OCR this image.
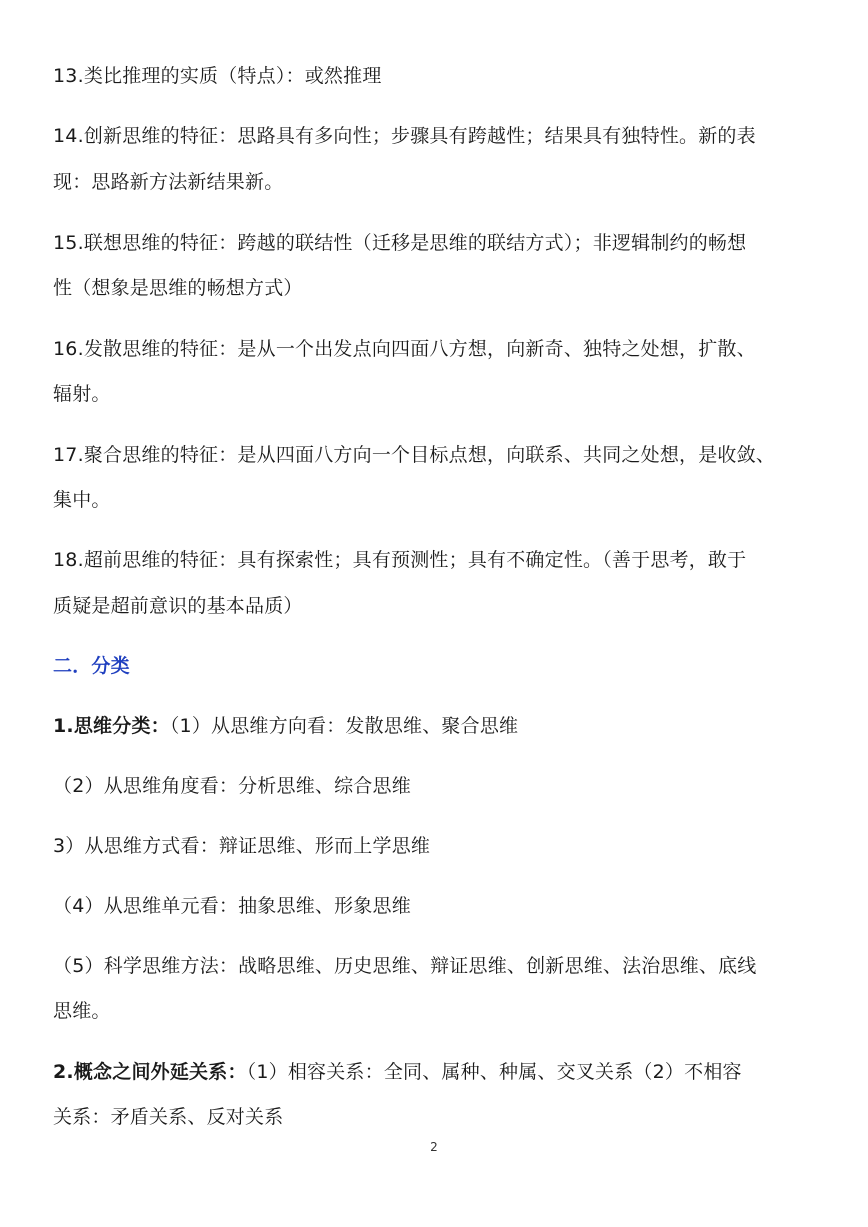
13.类比推理的实质（特点）：或然推理
14.创新思维的特征：思路具有多向性；步骤具有跨越性；结果具有独特性。新的表
现：思路新方法新结果新。
15.联想思维的特征：跨越的联结性（迁移是思维的联结方式）；非逻辑制约的畅想
性（想象是思维的畅想方式）
16.发散思维的特征：是从一个出发点向四面八方想，向新奇、独特之处想，扩散、
辐射。
17.聚合思维的特征：是从四面八方向一个目标点想，向联系、共同之处想，是收敛、
集中。
18.超前思维的特征：具有探索性；具有预测性；具有不确定性。（善于思考，敢于
质疑是超前意识的基本品质）
二．分类
1.思维分类：（1）从思维方向看：发散思维、聚合思维
（2）从思维角度看：分析思维、综合思维
3）从思维方式看：辩证思维、形而上学思维
（4）从思维单元看：抽象思维、形象思维
（5）科学思维方法：战略思维、历史思维、辩证思维、创新思维、法治思维、底线
思维。
2.概念之间外延关系：（1）相容关系：全同、属种、种属、交叉关系（2）不相容
关系：矛盾关系、反对关系
2
